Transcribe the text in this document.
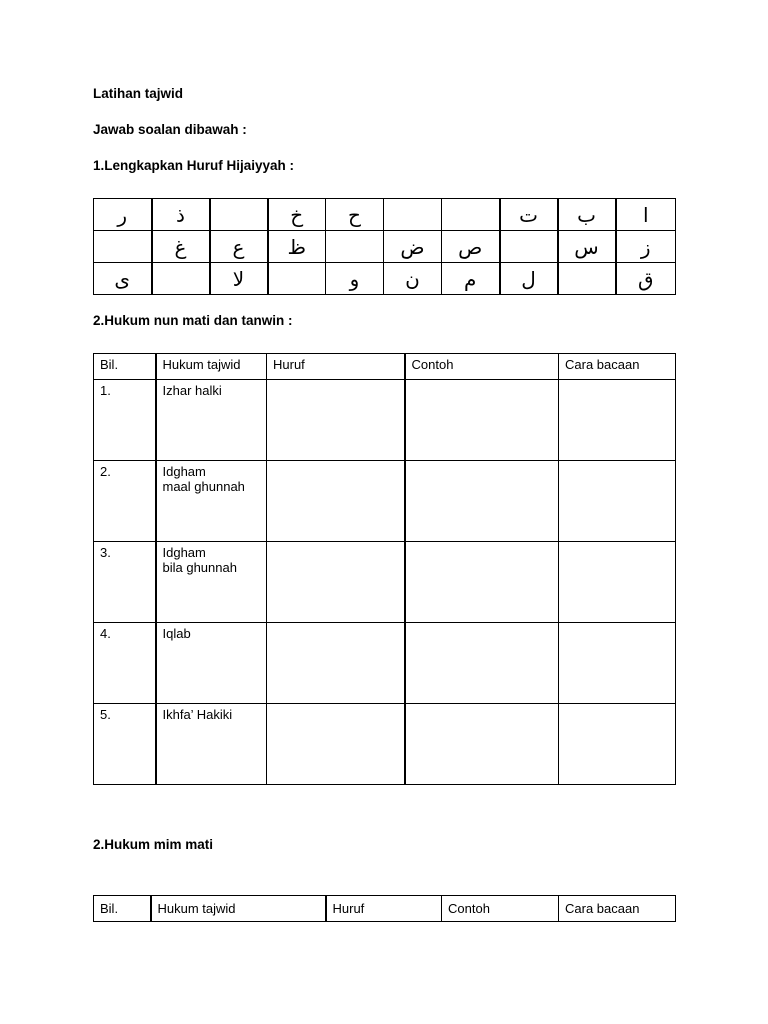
Latihan tajwid
Jawab soalan dibawah :
1.Lengkapkan Huruf Hijaiyyah :
ر	ذ		خ	ح			ت	ب	ا
	غ	ع	ظ		ض	ص		س	ز
ى		لا		و	ن	م	ل		ق
2.Hukum nun mati dan tanwin :
Bil.	Hukum tajwid	Huruf	Contoh	Cara bacaan
1.	Izhar halki			

2.	Idgham
maal ghunnah			

3.	Idgham
bila ghunnah			

4.	Iqlab			

5.	Ikhfa’ Hakiki			

2.Hukum mim mati
Bil.	Hukum tajwid	Huruf	Contoh	Cara bacaan
